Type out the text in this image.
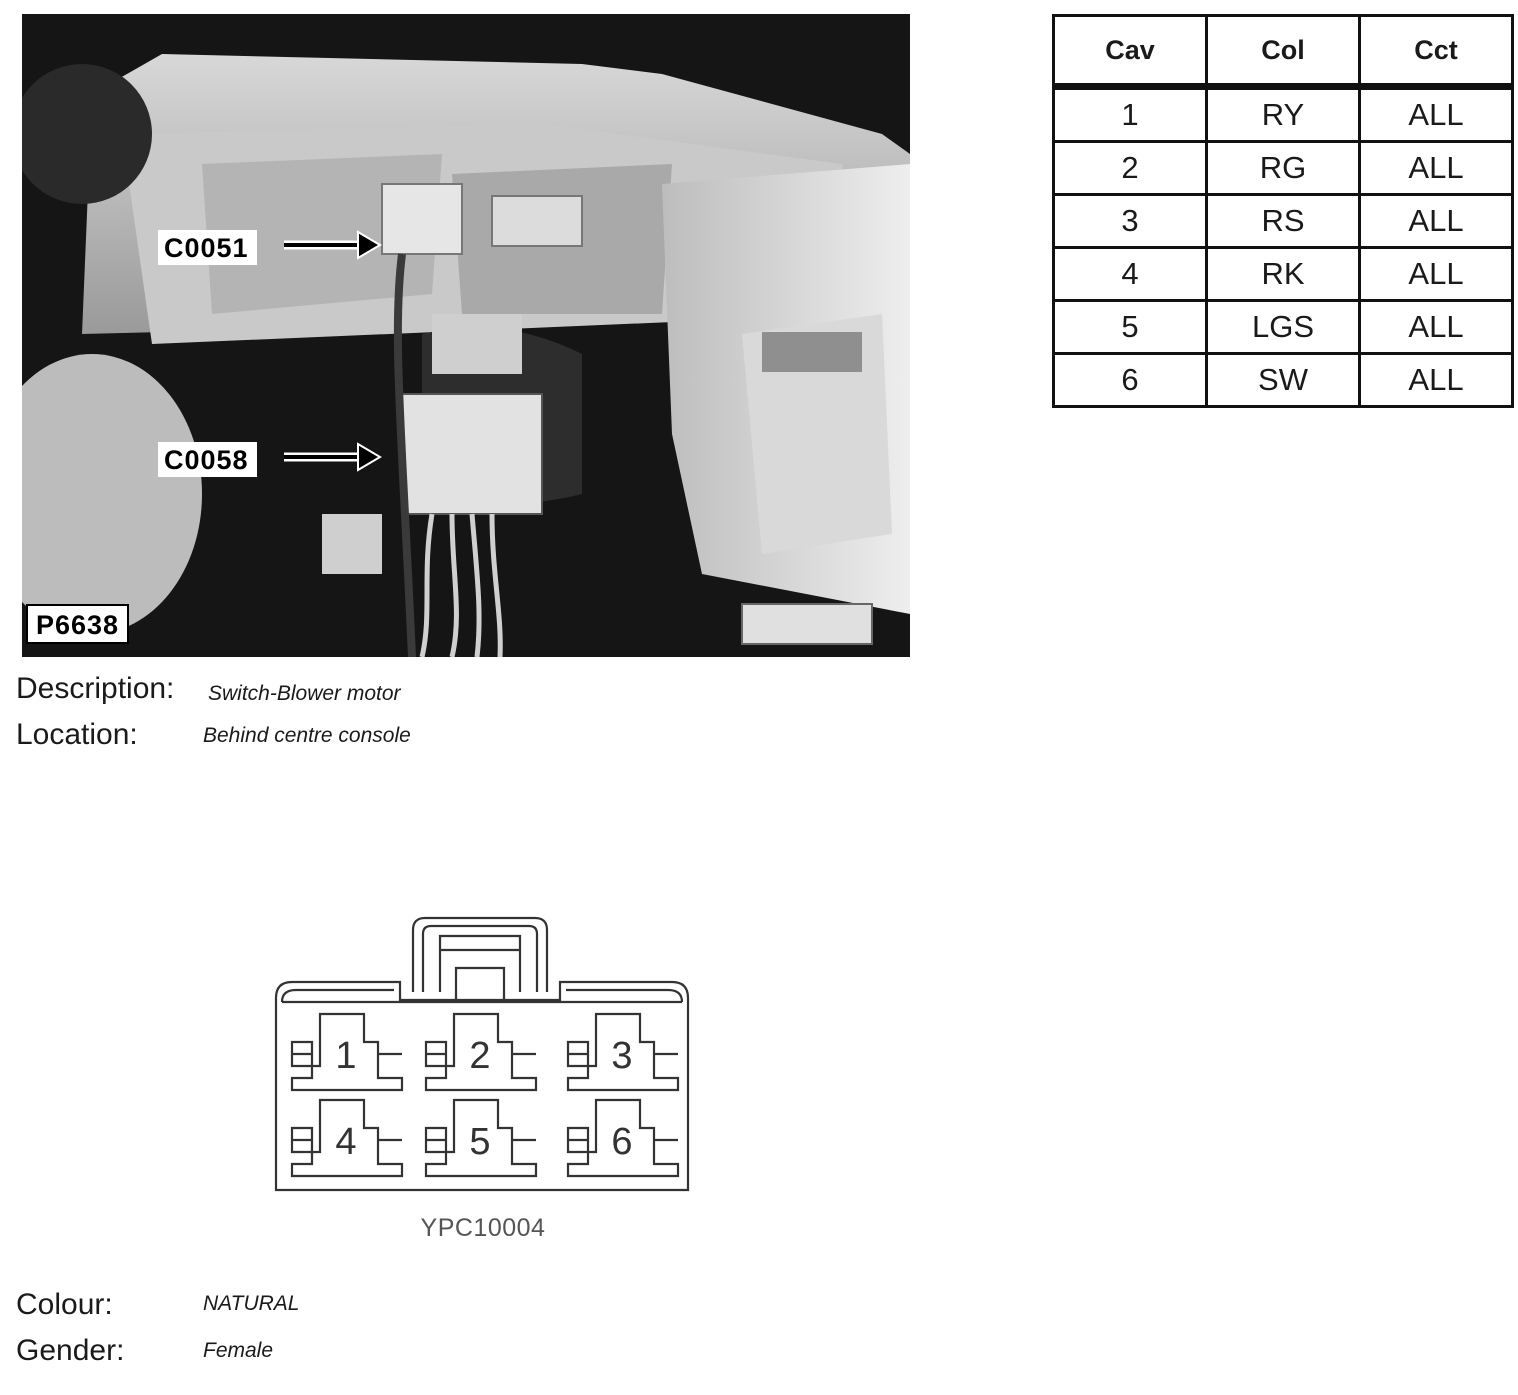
C0051
C0058
P6638
Cav	Col	Cct
1	RY	ALL
2	RG	ALL
3	RS	ALL
4	RK	ALL
5	LGS	ALL
6	SW	ALL
Description: Switch-Blower motor
Location:	Behind centre console
1	2	3
4	5	6
YPC10004
Colour:	NATURAL
Gender:	Female
